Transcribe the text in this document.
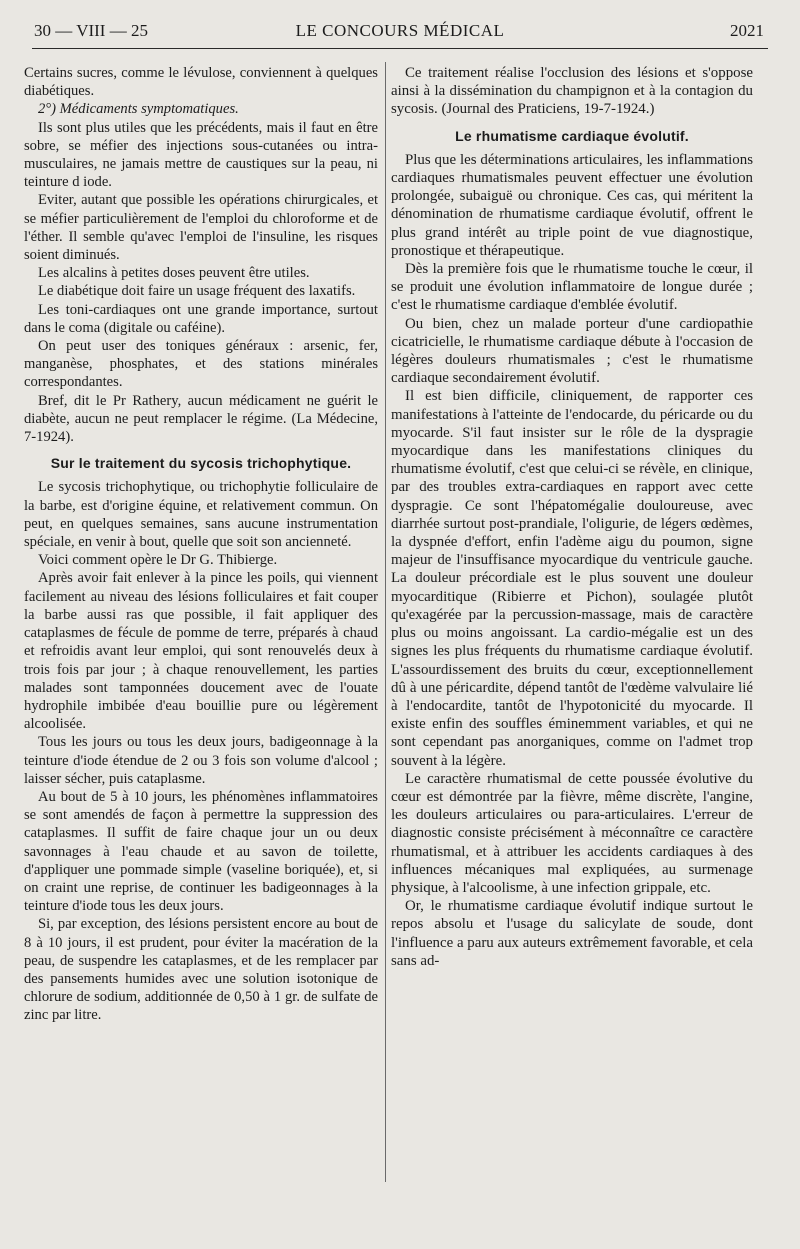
30 — VIII — 25	LE CONCOURS MÉDICAL	2021

Certains sucres, comme le lévulose, conviennent à quelques diabétiques.

2°) Médicaments symptomatiques.

Ils sont plus utiles que les précédents, mais il faut en être sobre, se méfier des injections sous-cutanées ou intra-musculaires, ne jamais mettre de caustiques sur la peau, ni teinture d iode.

Eviter, autant que possible les opérations chirurgicales, et se méfier particulièrement de l'emploi du chloroforme et de l'éther. Il semble qu'avec l'emploi de l'insuline, les risques soient diminués.

Les alcalins à petites doses peuvent être utiles.

Le diabétique doit faire un usage fréquent des laxatifs.

Les toni-cardiaques ont une grande importance, surtout dans le coma (digitale ou caféine).

On peut user des toniques généraux : arsenic, fer, manganèse, phosphates, et des stations minérales correspondantes.

Bref, dit le Pr Rathery, aucun médicament ne guérit le diabète, aucun ne peut remplacer le régime. (La Médecine, 7-1924).

Sur le traitement du sycosis trichophytique.

Le sycosis trichophytique, ou trichophytie folliculaire de la barbe, est d'origine équine, et relativement commun. On peut, en quelques semaines, sans aucune instrumentation spéciale, en venir à bout, quelle que soit son ancienneté.

Voici comment opère le Dr G. Thibierge.

Après avoir fait enlever à la pince les poils, qui viennent facilement au niveau des lésions folliculaires et fait couper la barbe aussi ras que possible, il fait appliquer des cataplasmes de fécule de pomme de terre, préparés à chaud et refroidis avant leur emploi, qui sont renouvelés deux à trois fois par jour ; à chaque renouvellement, les parties malades sont tamponnées doucement avec de l'ouate hydrophile imbibée d'eau bouillie pure ou légèrement alcoolisée.

Tous les jours ou tous les deux jours, badigeonnage à la teinture d'iode étendue de 2 ou 3 fois son volume d'alcool ; laisser sécher, puis cataplasme.

Au bout de 5 à 10 jours, les phénomènes inflammatoires se sont amendés de façon à permettre la suppression des cataplasmes. Il suffit de faire chaque jour un ou deux savonnages à l'eau chaude et au savon de toilette, d'appliquer une pommade simple (vaseline boriquée), et, si on craint une reprise, de continuer les badigeonnages à la teinture d'iode tous les deux jours.

Si, par exception, des lésions persistent encore au bout de 8 à 10 jours, il est prudent, pour éviter la macération de la peau, de suspendre les cataplasmes, et de les remplacer par des pansements humides avec une solution isotonique de chlorure de sodium, additionnée de 0,50 à 1 gr. de sulfate de zinc par litre.

Ce traitement réalise l'occlusion des lésions et s'oppose ainsi à la dissémination du champignon et à la contagion du sycosis. (Journal des Praticiens, 19-7-1924.)

Le rhumatisme cardiaque évolutif.

Plus que les déterminations articulaires, les inflammations cardiaques rhumatismales peuvent effectuer une évolution prolongée, subaiguë ou chronique. Ces cas, qui méritent la dénomination de rhumatisme cardiaque évolutif, offrent le plus grand intérêt au triple point de vue diagnostique, pronostique et thérapeutique.

Dès la première fois que le rhumatisme touche le cœur, il se produit une évolution inflammatoire de longue durée ; c'est le rhumatisme cardiaque d'emblée évolutif.

Ou bien, chez un malade porteur d'une cardiopathie cicatricielle, le rhumatisme cardiaque débute à l'occasion de légères douleurs rhumatismales ; c'est le rhumatisme cardiaque secondairement évolutif.

Il est bien difficile, cliniquement, de rapporter ces manifestations à l'atteinte de l'endocarde, du péricarde ou du myocarde. S'il faut insister sur le rôle de la dyspragie myocardique dans les manifestations cliniques du rhumatisme évolutif, c'est que celui-ci se révèle, en clinique, par des troubles extra-cardiaques en rapport avec cette dyspragie. Ce sont l'hépatomégalie douloureuse, avec diarrhée surtout post-prandiale, l'oligurie, de légers œdèmes, la dyspnée d'effort, enfin l'adème aigu du poumon, signe majeur de l'insuffisance myocardique du ventricule gauche. La douleur précordiale est le plus souvent une douleur myocarditique (Ribierre et Pichon), soulagée plutôt qu'exagérée par la percussion-massage, mais de caractère plus ou moins angoissant. La cardio-mégalie est un des signes les plus fréquents du rhumatisme cardiaque évolutif. L'assourdissement des bruits du cœur, exceptionnellement dû à une péricardite, dépend tantôt de l'œdème valvulaire lié à l'endocardite, tantôt de l'hypotonicité du myocarde. Il existe enfin des souffles éminemment variables, et qui ne sont cependant pas anorganiques, comme on l'admet trop souvent à la légère.

Le caractère rhumatismal de cette poussée évolutive du cœur est démontrée par la fièvre, même discrète, l'angine, les douleurs articulaires ou para-articulaires. L'erreur de diagnostic consiste précisément à méconnaître ce caractère rhumatismal, et à attribuer les accidents cardiaques à des influences mécaniques mal expliquées, au surmenage physique, à l'alcoolisme, à une infection grippale, etc.

Or, le rhumatisme cardiaque évolutif indique surtout le repos absolu et l'usage du salicylate de soude, dont l'influence a paru aux auteurs extrêmement favorable, et cela sans ad-
